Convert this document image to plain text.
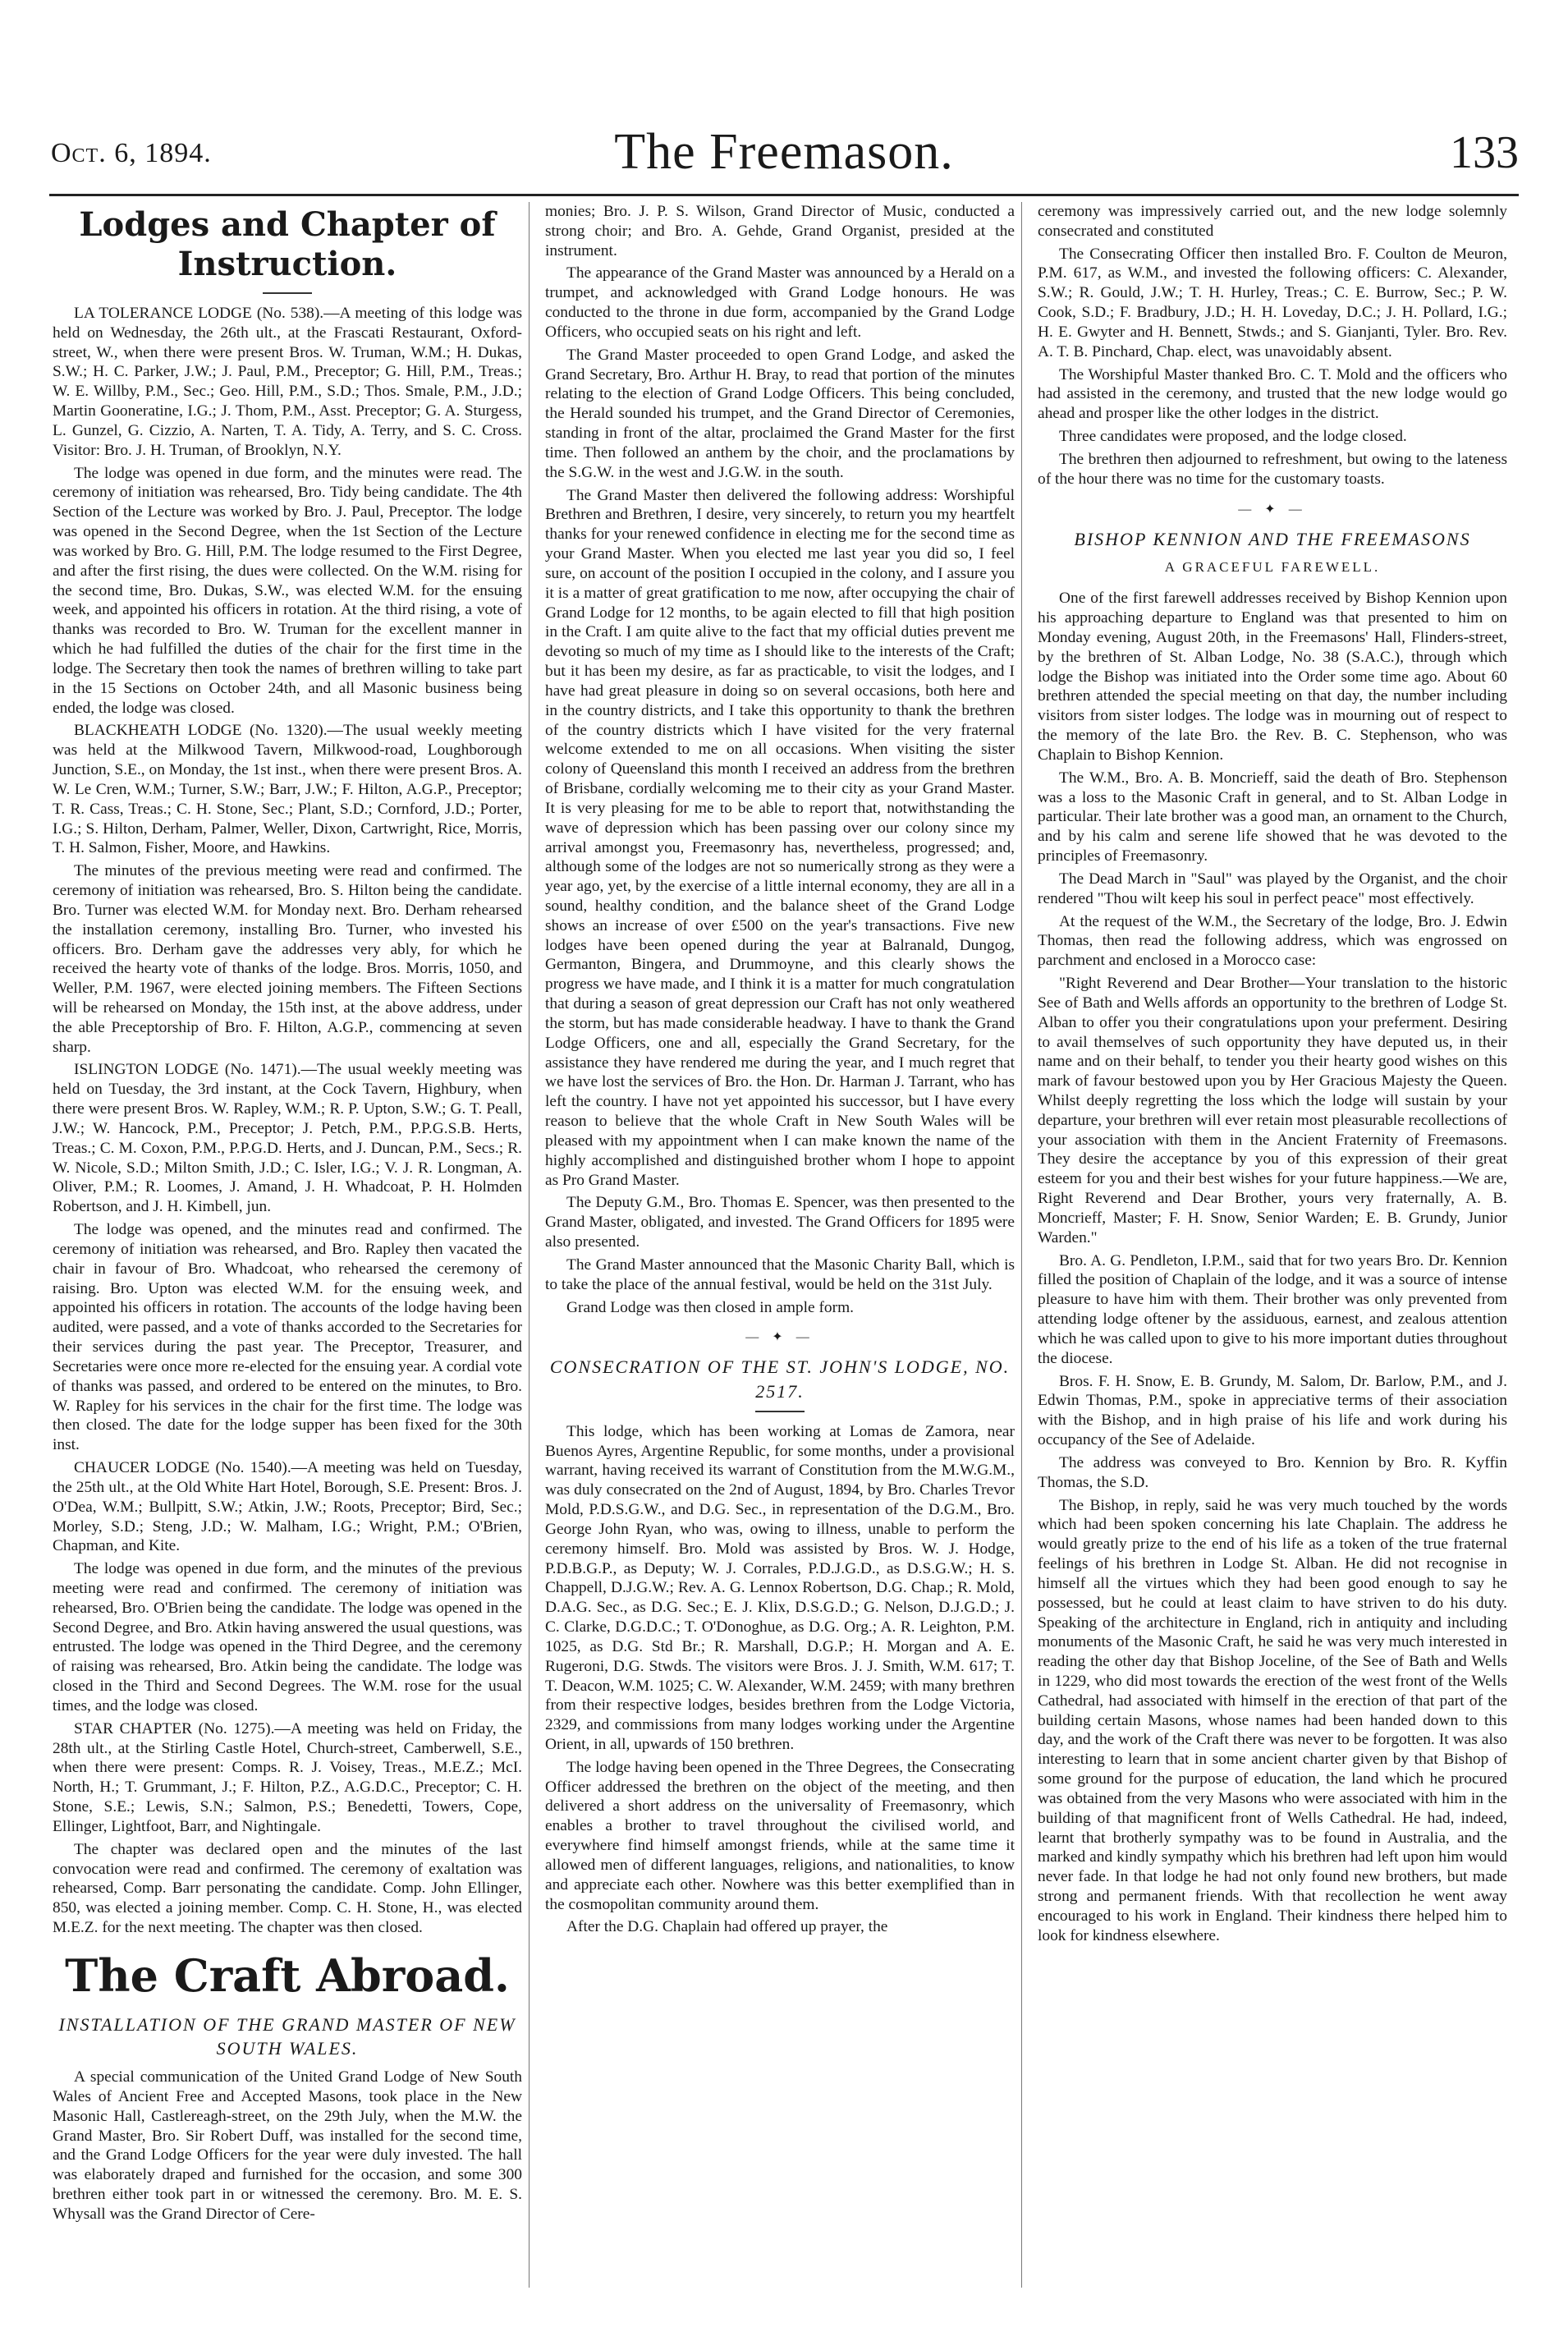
Oct. 6, 1894.	The Freemason.	133
Lodges and Chapter of Instruction.

LA TOLERANCE LODGE (No. 538).—A meeting of this lodge was held on Wednesday, the 26th ult., at the Frascati Restaurant, Oxford-street, W., when there were present Bros. W. Truman, W.M.; H. Dukas, S.W.; H. C. Parker, J.W.; J. Paul, P.M., Preceptor; G. Hill, P.M., Treas.; W. E. Willby, P.M., Sec.; Geo. Hill, P.M., S.D.; Thos. Smale, P.M., J.D.; Martin Gooneratine, I.G.; J. Thom, P.M., Asst. Preceptor; G. A. Sturgess, L. Gunzel, G. Cizzio, A. Narten, T. A. Tidy, A. Terry, and S. C. Cross. Visitor: Bro. J. H. Truman, of Brooklyn, N.Y.

The lodge was opened in due form, and the minutes were read. The ceremony of initiation was rehearsed, Bro. Tidy being candidate. The 4th Section of the Lecture was worked by Bro. J. Paul, Preceptor. The lodge was opened in the Second Degree, when the 1st Section of the Lecture was worked by Bro. G. Hill, P.M. The lodge resumed to the First Degree, and after the first rising, the dues were collected. On the W.M. rising for the second time, Bro. Dukas, S.W., was elected W.M. for the ensuing week, and appointed his officers in rotation. At the third rising, a vote of thanks was recorded to Bro. W. Truman for the excellent manner in which he had fulfilled the duties of the chair for the first time in the lodge. The Secretary then took the names of brethren willing to take part in the 15 Sections on October 24th, and all Masonic business being ended, the lodge was closed.

BLACKHEATH LODGE (No. 1320).—The usual weekly meeting was held at the Milkwood Tavern, Milkwood-road, Loughborough Junction, S.E., on Monday, the 1st inst., when there were present Bros. A. W. Le Cren, W.M.; Turner, S.W.; Barr, J.W.; F. Hilton, A.G.P., Preceptor; T. R. Cass, Treas.; C. H. Stone, Sec.; Plant, S.D.; Cornford, J.D.; Porter, I.G.; S. Hilton, Derham, Palmer, Weller, Dixon, Cartwright, Rice, Morris, T. H. Salmon, Fisher, Moore, and Hawkins.

The minutes of the previous meeting were read and confirmed. The ceremony of initiation was rehearsed, Bro. S. Hilton being the candidate. Bro. Turner was elected W.M. for Monday next. Bro. Derham rehearsed the installation ceremony, installing Bro. Turner, who invested his officers. Bro. Derham gave the addresses very ably, for which he received the hearty vote of thanks of the lodge. Bros. Morris, 1050, and Weller, P.M. 1967, were elected joining members. The Fifteen Sections will be rehearsed on Monday, the 15th inst, at the above address, under the able Preceptorship of Bro. F. Hilton, A.G.P., commencing at seven sharp.

ISLINGTON LODGE (No. 1471).—The usual weekly meeting was held on Tuesday, the 3rd instant, at the Cock Tavern, Highbury, when there were present Bros. W. Rapley, W.M.; R. P. Upton, S.W.; G. T. Peall, J.W.; W. Hancock, P.M., Preceptor; J. Petch, P.M., P.P.G.S.B. Herts, Treas.; C. M. Coxon, P.M., P.P.G.D. Herts, and J. Duncan, P.M., Secs.; R. W. Nicole, S.D.; Milton Smith, J.D.; C. Isler, I.G.; V. J. R. Longman, A. Oliver, P.M.; R. Loomes, J. Amand, J. H. Whadcoat, P. H. Holmden Robertson, and J. H. Kimbell, jun.

The lodge was opened, and the minutes read and confirmed. The ceremony of initiation was rehearsed, and Bro. Rapley then vacated the chair in favour of Bro. Whadcoat, who rehearsed the ceremony of raising. Bro. Upton was elected W.M. for the ensuing week, and appointed his officers in rotation. The accounts of the lodge having been audited, were passed, and a vote of thanks accorded to the Secretaries for their services during the past year. The Preceptor, Treasurer, and Secretaries were once more re-elected for the ensuing year. A cordial vote of thanks was passed, and ordered to be entered on the minutes, to Bro. W. Rapley for his services in the chair for the first time. The lodge was then closed. The date for the lodge supper has been fixed for the 30th inst.

CHAUCER LODGE (No. 1540).—A meeting was held on Tuesday, the 25th ult., at the Old White Hart Hotel, Borough, S.E. Present: Bros. J. O'Dea, W.M.; Bullpitt, S.W.; Atkin, J.W.; Roots, Preceptor; Bird, Sec.; Morley, S.D.; Steng, J.D.; W. Malham, I.G.; Wright, P.M.; O'Brien, Chapman, and Kite.

The lodge was opened in due form, and the minutes of the previous meeting were read and confirmed. The ceremony of initiation was rehearsed, Bro. O'Brien being the candidate. The lodge was opened in the Second Degree, and Bro. Atkin having answered the usual questions, was entrusted. The lodge was opened in the Third Degree, and the ceremony of raising was rehearsed, Bro. Atkin being the candidate. The lodge was closed in the Third and Second Degrees. The W.M. rose for the usual times, and the lodge was closed.

STAR CHAPTER (No. 1275).—A meeting was held on Friday, the 28th ult., at the Stirling Castle Hotel, Church-street, Camberwell, S.E., when there were present: Comps. R. J. Voisey, Treas., M.E.Z.; McI. North, H.; T. Grummant, J.; F. Hilton, P.Z., A.G.D.C., Preceptor; C. H. Stone, S.E.; Lewis, S.N.; Salmon, P.S.; Benedetti, Towers, Cope, Ellinger, Lightfoot, Barr, and Nightingale.

The chapter was declared open and the minutes of the last convocation were read and confirmed. The ceremony of exaltation was rehearsed, Comp. Barr personating the candidate. Comp. John Ellinger, 850, was elected a joining member. Comp. C. H. Stone, H., was elected M.E.Z. for the next meeting. The chapter was then closed.

The Craft Abroad.
INSTALLATION OF THE GRAND MASTER OF NEW SOUTH WALES.

A special communication of the United Grand Lodge of New South Wales of Ancient Free and Accepted Masons, took place in the New Masonic Hall, Castlereagh-street, on the 29th July, when the M.W. the Grand Master, Bro. Sir Robert Duff, was installed for the second time, and the Grand Lodge Officers for the year were duly invested. The hall was elaborately draped and furnished for the occasion, and some 300 brethren either took part in or witnessed the ceremony. Bro. M. E. S. Whysall was the Grand Director of Cere-

monies; Bro. J. P. S. Wilson, Grand Director of Music, conducted a strong choir; and Bro. A. Gehde, Grand Organist, presided at the instrument.

The appearance of the Grand Master was announced by a Herald on a trumpet, and acknowledged with Grand Lodge honours. He was conducted to the throne in due form, accompanied by the Grand Lodge Officers, who occupied seats on his right and left.

The Grand Master proceeded to open Grand Lodge, and asked the Grand Secretary, Bro. Arthur H. Bray, to read that portion of the minutes relating to the election of Grand Lodge Officers. This being concluded, the Herald sounded his trumpet, and the Grand Director of Ceremonies, standing in front of the altar, proclaimed the Grand Master for the first time. Then followed an anthem by the choir, and the proclamations by the S.G.W. in the west and J.G.W. in the south.

The Grand Master then delivered the following address: Worshipful Brethren and Brethren, I desire, very sincerely, to return you my heartfelt thanks for your renewed confidence in electing me for the second time as your Grand Master. When you elected me last year you did so, I feel sure, on account of the position I occupied in the colony, and I assure you it is a matter of great gratification to me now, after occupying the chair of Grand Lodge for 12 months, to be again elected to fill that high position in the Craft. I am quite alive to the fact that my official duties prevent me devoting so much of my time as I should like to the interests of the Craft; but it has been my desire, as far as practicable, to visit the lodges, and I have had great pleasure in doing so on several occasions, both here and in the country districts, and I take this opportunity to thank the brethren of the country districts which I have visited for the very fraternal welcome extended to me on all occasions. When visiting the sister colony of Queensland this month I received an address from the brethren of Brisbane, cordially welcoming me to their city as your Grand Master. It is very pleasing for me to be able to report that, notwithstanding the wave of depression which has been passing over our colony since my arrival amongst you, Freemasonry has, nevertheless, progressed; and, although some of the lodges are not so numerically strong as they were a year ago, yet, by the exercise of a little internal economy, they are all in a sound, healthy condition, and the balance sheet of the Grand Lodge shows an increase of over £500 on the year's transactions. Five new lodges have been opened during the year at Balranald, Dungog, Germanton, Bingera, and Drummoyne, and this clearly shows the progress we have made, and I think it is a matter for much congratulation that during a season of great depression our Craft has not only weathered the storm, but has made considerable headway. I have to thank the Grand Lodge Officers, one and all, especially the Grand Secretary, for the assistance they have rendered me during the year, and I much regret that we have lost the services of Bro. the Hon. Dr. Harman J. Tarrant, who has left the country. I have not yet appointed his successor, but I have every reason to believe that the whole Craft in New South Wales will be pleased with my appointment when I can make known the name of the highly accomplished and distinguished brother whom I hope to appoint as Pro Grand Master.

The Deputy G.M., Bro. Thomas E. Spencer, was then presented to the Grand Master, obligated, and invested. The Grand Officers for 1895 were also presented.

The Grand Master announced that the Masonic Charity Ball, which is to take the place of the annual festival, would be held on the 31st July.

Grand Lodge was then closed in ample form.

— ✦ —
CONSECRATION OF THE ST. JOHN'S LODGE, NO. 2517.

This lodge, which has been working at Lomas de Zamora, near Buenos Ayres, Argentine Republic, for some months, under a provisional warrant, having received its warrant of Constitution from the M.W.G.M., was duly consecrated on the 2nd of August, 1894, by Bro. Charles Trevor Mold, P.D.S.G.W., and D.G. Sec., in representation of the D.G.M., Bro. George John Ryan, who was, owing to illness, unable to perform the ceremony himself. Bro. Mold was assisted by Bros. W. J. Hodge, P.D.B.G.P., as Deputy; W. J. Corrales, P.D.J.G.D., as D.S.G.W.; H. S. Chappell, D.J.G.W.; Rev. A. G. Lennox Robertson, D.G. Chap.; R. Mold, D.A.G. Sec., as D.G. Sec.; E. J. Klix, D.S.G.D.; G. Nelson, D.J.G.D.; J. C. Clarke, D.G.D.C.; T. O'Donoghue, as D.G. Org.; A. R. Leighton, P.M. 1025, as D.G. Std Br.; R. Marshall, D.G.P.; H. Morgan and A. E. Rugeroni, D.G. Stwds. The visitors were Bros. J. J. Smith, W.M. 617; T. T. Deacon, W.M. 1025; C. W. Alexander, W.M. 2459; with many brethren from their respective lodges, besides brethren from the Lodge Victoria, 2329, and commissions from many lodges working under the Argentine Orient, in all, upwards of 150 brethren.

The lodge having been opened in the Three Degrees, the Consecrating Officer addressed the brethren on the object of the meeting, and then delivered a short address on the universality of Freemasonry, which enables a brother to travel throughout the civilised world, and everywhere find himself amongst friends, while at the same time it allowed men of different languages, religions, and nationalities, to know and appreciate each other. Nowhere was this better exemplified than in the cosmopolitan community around them.

After the D.G. Chaplain had offered up prayer, the

ceremony was impressively carried out, and the new lodge solemnly consecrated and constituted

The Consecrating Officer then installed Bro. F. Coulton de Meuron, P.M. 617, as W.M., and invested the following officers: C. Alexander, S.W.; R. Gould, J.W.; T. H. Hurley, Treas.; C. E. Burrow, Sec.; P. W. Cook, S.D.; F. Bradbury, J.D.; H. H. Loveday, D.C.; J. H. Pollard, I.G.; H. E. Gwyter and H. Bennett, Stwds.; and S. Gianjanti, Tyler. Bro. Rev. A. T. B. Pinchard, Chap. elect, was unavoidably absent.

The Worshipful Master thanked Bro. C. T. Mold and the officers who had assisted in the ceremony, and trusted that the new lodge would go ahead and prosper like the other lodges in the district.

Three candidates were proposed, and the lodge closed.

The brethren then adjourned to refreshment, but owing to the lateness of the hour there was no time for the customary toasts.

— ✦ —
BISHOP KENNION AND THE FREEMASONS
A GRACEFUL FAREWELL.

One of the first farewell addresses received by Bishop Kennion upon his approaching departure to England was that presented to him on Monday evening, August 20th, in the Freemasons' Hall, Flinders-street, by the brethren of St. Alban Lodge, No. 38 (S.A.C.), through which lodge the Bishop was initiated into the Order some time ago. About 60 brethren attended the special meeting on that day, the number including visitors from sister lodges. The lodge was in mourning out of respect to the memory of the late Bro. the Rev. B. C. Stephenson, who was Chaplain to Bishop Kennion.

The W.M., Bro. A. B. Moncrieff, said the death of Bro. Stephenson was a loss to the Masonic Craft in general, and to St. Alban Lodge in particular. Their late brother was a good man, an ornament to the Church, and by his calm and serene life showed that he was devoted to the principles of Freemasonry.

The Dead March in "Saul" was played by the Organist, and the choir rendered "Thou wilt keep his soul in perfect peace" most effectively.

At the request of the W.M., the Secretary of the lodge, Bro. J. Edwin Thomas, then read the following address, which was engrossed on parchment and enclosed in a Morocco case:

"Right Reverend and Dear Brother—Your translation to the historic See of Bath and Wells affords an opportunity to the brethren of Lodge St. Alban to offer you their congratulations upon your preferment. Desiring to avail themselves of such opportunity they have deputed us, in their name and on their behalf, to tender you their hearty good wishes on this mark of favour bestowed upon you by Her Gracious Majesty the Queen. Whilst deeply regretting the loss which the lodge will sustain by your departure, your brethren will ever retain most pleasurable recollections of your association with them in the Ancient Fraternity of Freemasons. They desire the acceptance by you of this expression of their great esteem for you and their best wishes for your future happiness.—We are, Right Reverend and Dear Brother, yours very fraternally, A. B. Moncrieff, Master; F. H. Snow, Senior Warden; E. B. Grundy, Junior Warden."

Bro. A. G. Pendleton, I.P.M., said that for two years Bro. Dr. Kennion filled the position of Chaplain of the lodge, and it was a source of intense pleasure to have him with them. Their brother was only prevented from attending lodge oftener by the assiduous, earnest, and zealous attention which he was called upon to give to his more important duties throughout the diocese.

Bros. F. H. Snow, E. B. Grundy, M. Salom, Dr. Barlow, P.M., and J. Edwin Thomas, P.M., spoke in appreciative terms of their association with the Bishop, and in high praise of his life and work during his occupancy of the See of Adelaide.

The address was conveyed to Bro. Kennion by Bro. R. Kyffin Thomas, the S.D.

The Bishop, in reply, said he was very much touched by the words which had been spoken concerning his late Chaplain. The address he would greatly prize to the end of his life as a token of the true fraternal feelings of his brethren in Lodge St. Alban. He did not recognise in himself all the virtues which they had been good enough to say he possessed, but he could at least claim to have striven to do his duty. Speaking of the architecture in England, rich in antiquity and including monuments of the Masonic Craft, he said he was very much interested in reading the other day that Bishop Joceline, of the See of Bath and Wells in 1229, who did most towards the erection of the west front of the Wells Cathedral, had associated with himself in the erection of that part of the building certain Masons, whose names had been handed down to this day, and the work of the Craft there was never to be forgotten. It was also interesting to learn that in some ancient charter given by that Bishop of some ground for the purpose of education, the land which he procured was obtained from the very Masons who were associated with him in the building of that magnificent front of Wells Cathedral. He had, indeed, learnt that brotherly sympathy was to be found in Australia, and the marked and kindly sympathy which his brethren had left upon him would never fade. In that lodge he had not only found new brothers, but made strong and permanent friends. With that recollection he went away encouraged to his work in England. Their kindness there helped him to look for kindness elsewhere.
